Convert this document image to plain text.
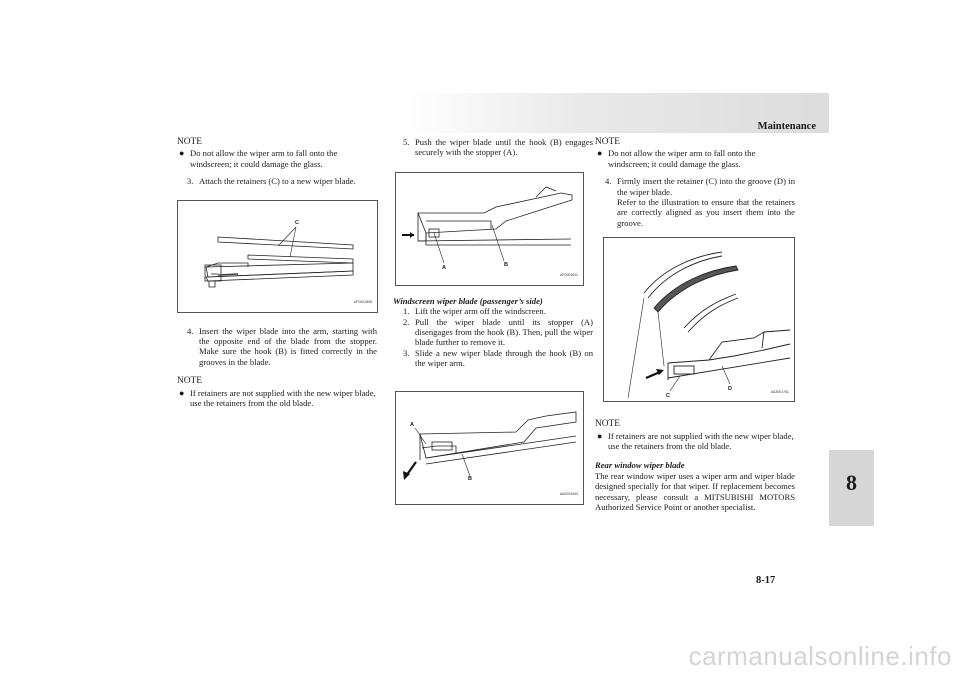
Maintenance
8
8-17

NOTE

● Do not allow the wiper arm to fall onto the windscreen; it could damage the glass.

3. Attach the retainers (C) to a new wiper blade.

C
AF0001808

4. Insert the wiper blade into the arm, starting with the opposite end of the blade from the stopper. Make sure the hook (B) is fitted correctly in the grooves in the blade.

NOTE

● If retainers are not supplied with the new wiper blade, use the retainers from the old blade.

5. Push the wiper blade until the hook (B) engages securely with the stopper (A).

A	B
AF0001811

Windscreen wiper blade (passenger’s side)

1. Lift the wiper arm off the windscreen.

2. Pull the wiper blade until its stopper (A) disengages from the hook (B). Then, pull the wiper blade further to remove it.

3. Slide a new wiper blade through the hook (B) on the wiper arm.

A
B
AA0024943

NOTE

● Do not allow the wiper arm to fall onto the windscreen; it could damage the glass.

4. Firmly insert the retainer (C) into the groove (D) in the wiper blade.

Refer to the illustration to ensure that the retainers are correctly aligned as you insert them into the groove.

C
D	AA3001761

NOTE

● If retainers are not supplied with the new wiper blade, use the retainers from the old blade.

Rear window wiper blade

The rear window wiper uses a wiper arm and wiper blade designed specially for that wiper. If replacement becomes necessary, please consult a MITSUBISHI MOTORS Authorized Service Point or another specialist.

carmanualsonline.info
